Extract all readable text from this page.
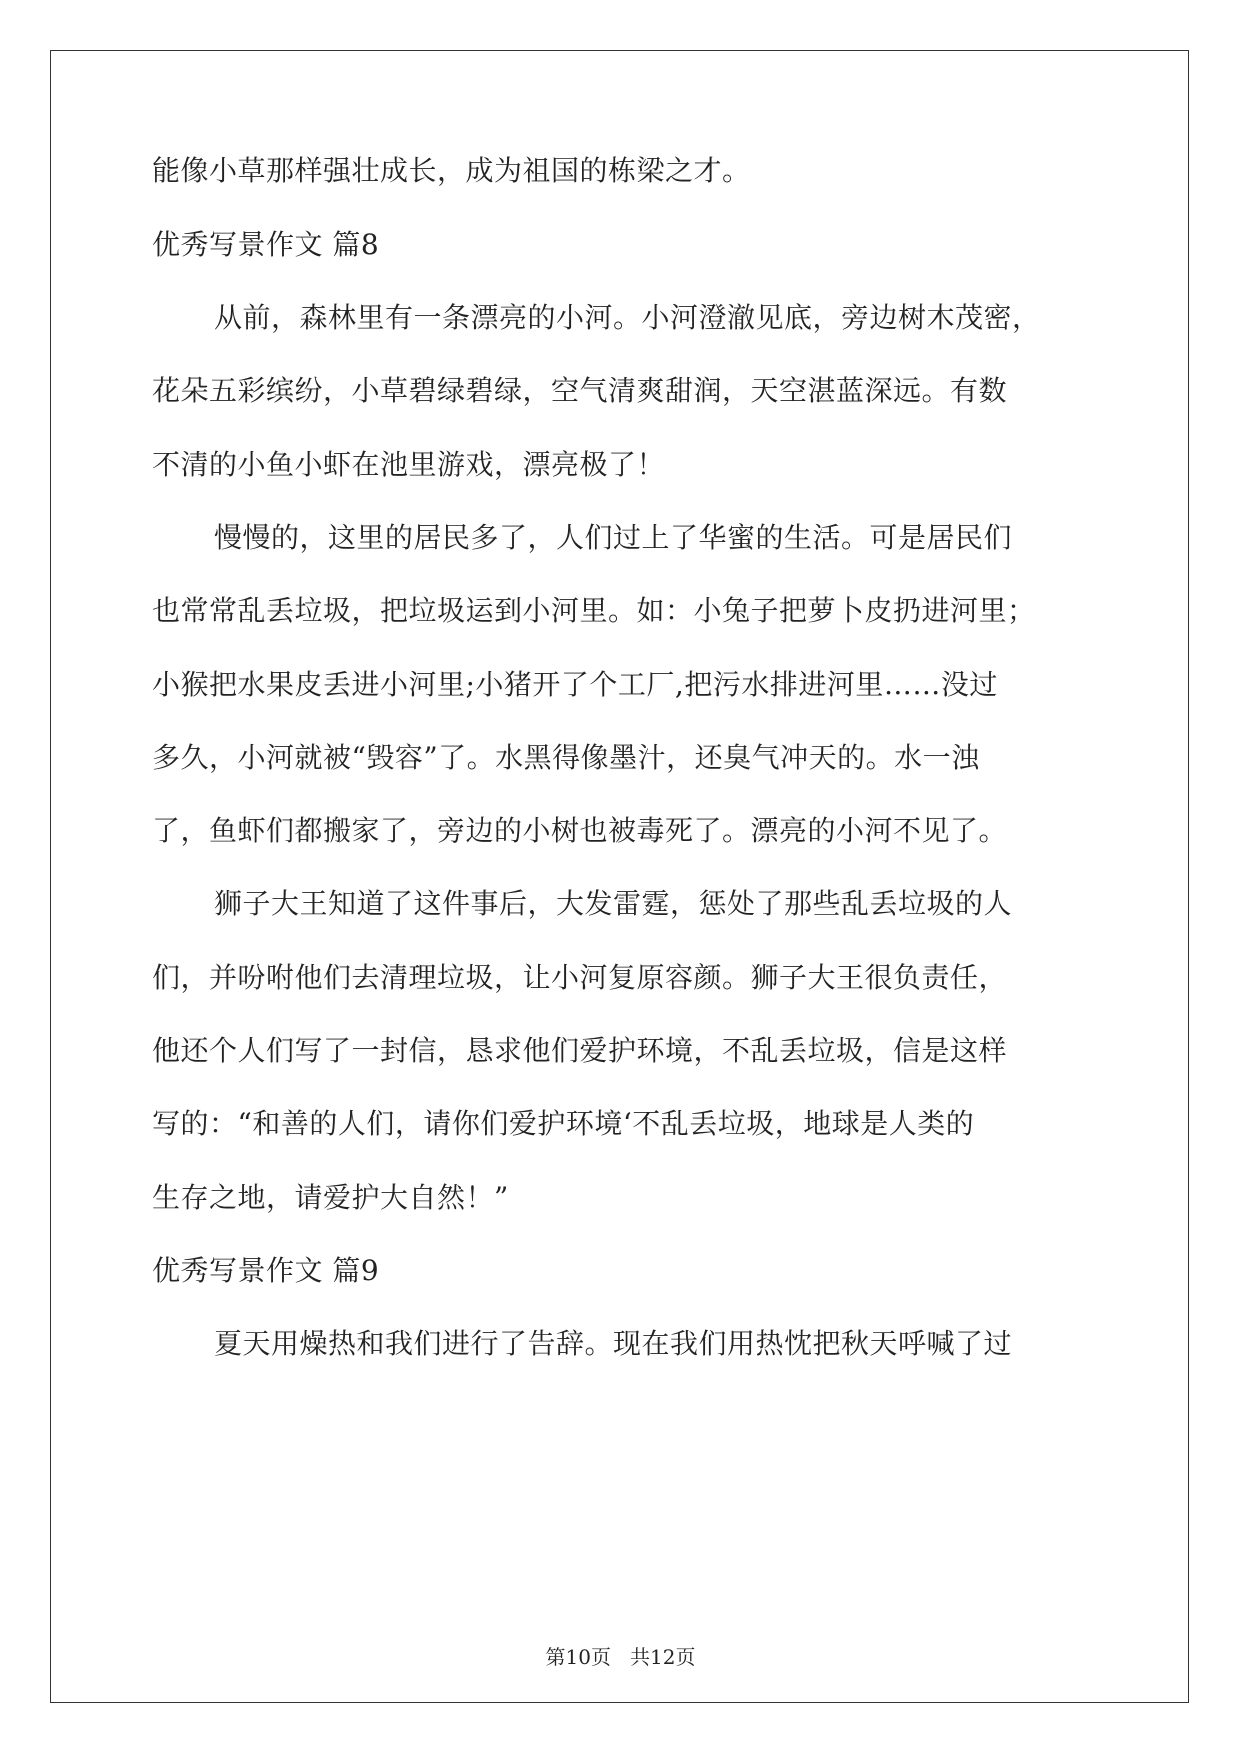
能像小草那样强壮成长，成为祖国的栋梁之才。
优秀写景作文 篇8
从前，森林里有一条漂亮的小河。小河澄澈见底，旁边树木茂密，
花朵五彩缤纷，小草碧绿碧绿，空气清爽甜润，天空湛蓝深远。有数
不清的小鱼小虾在池里游戏，漂亮极了！
慢慢的，这里的居民多了，人们过上了华蜜的生活。可是居民们
也常常乱丢垃圾，把垃圾运到小河里。如：小兔子把萝卜皮扔进河里；
小猴把水果皮丢进小河里;小猪开了个工厂,把污水排进河里……没过
多久，小河就被“毁容”了。水黑得像墨汁，还臭气冲天的。水一浊
了，鱼虾们都搬家了，旁边的小树也被毒死了。漂亮的小河不见了。
狮子大王知道了这件事后，大发雷霆，惩处了那些乱丢垃圾的人
们，并吩咐他们去清理垃圾，让小河复原容颜。狮子大王很负责任，
他还个人们写了一封信，恳求他们爱护环境，不乱丢垃圾，信是这样
写的：“和善的人们，请你们爱护环境‘不乱丢垃圾，地球是人类的
生存之地，请爱护大自然！”
优秀写景作文 篇9
夏天用燥热和我们进行了告辞。现在我们用热忱把秋天呼喊了过
第10页 共12页
